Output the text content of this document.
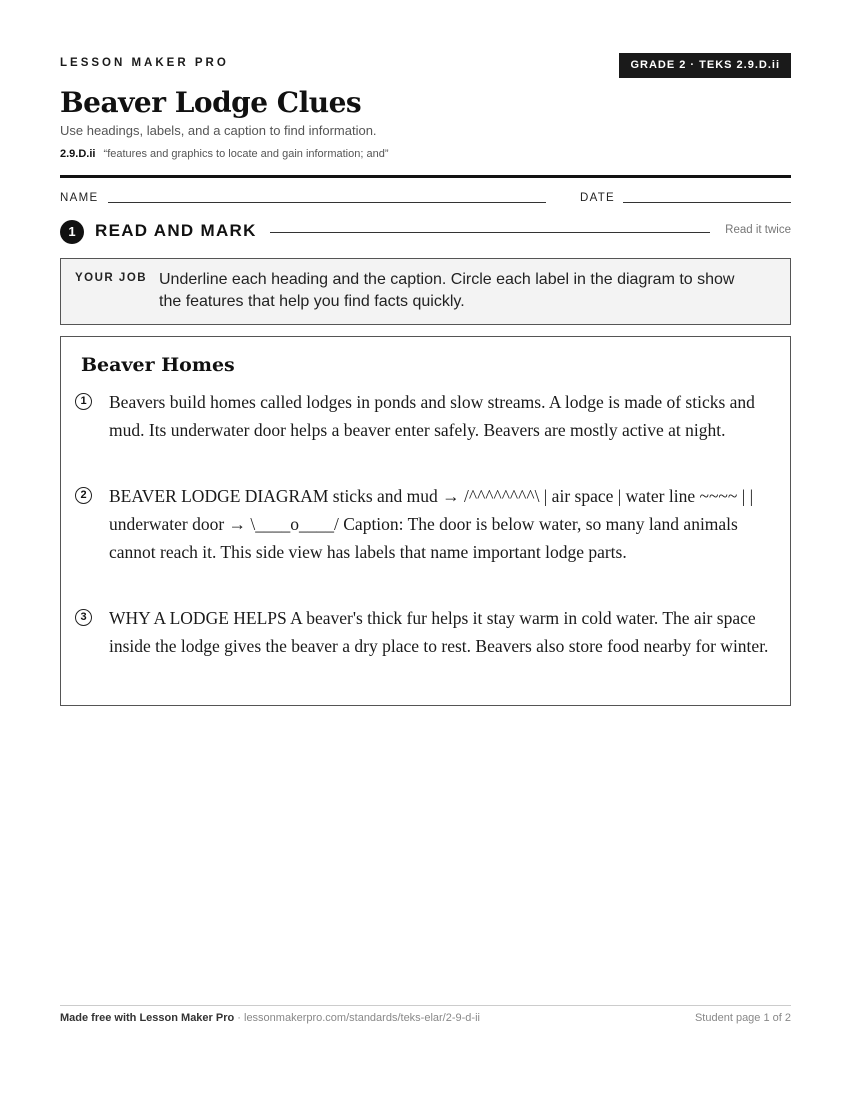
LESSON MAKER PRO	GRADE 2 · TEKS 2.9.D.ii
Beaver Lodge Clues
Use headings, labels, and a caption to find information.
2.9.D.ii “features and graphics to locate and gain information; and”
NAME	DATE
1	READ AND MARK	Read it twice
YOUR JOB Underline each heading and the caption. Circle each label in the diagram to show the features that help you find facts quickly.
Beaver Homes
1	Beavers build homes called lodges in ponds and slow streams. A lodge is made of sticks and mud. Its underwater door helps a beaver enter safely. Beavers are mostly active at night.
2	BEAVER LODGE DIAGRAM sticks and mud → /^^^^^^^^\ | air space | water line ~~~~ | | underwater door → \____o____/ Caption: The door is below water, so many land animals cannot reach it. This side view has labels that name important lodge parts.
3	WHY A LODGE HELPS A beaver's thick fur helps it stay warm in cold water. The air space inside the lodge gives the beaver a dry place to rest. Beavers also store food nearby for winter.
Made free with Lesson Maker Pro · lessonmakerpro.com/standards/teks-elar/2-9-d-ii	Student page 1 of 2
